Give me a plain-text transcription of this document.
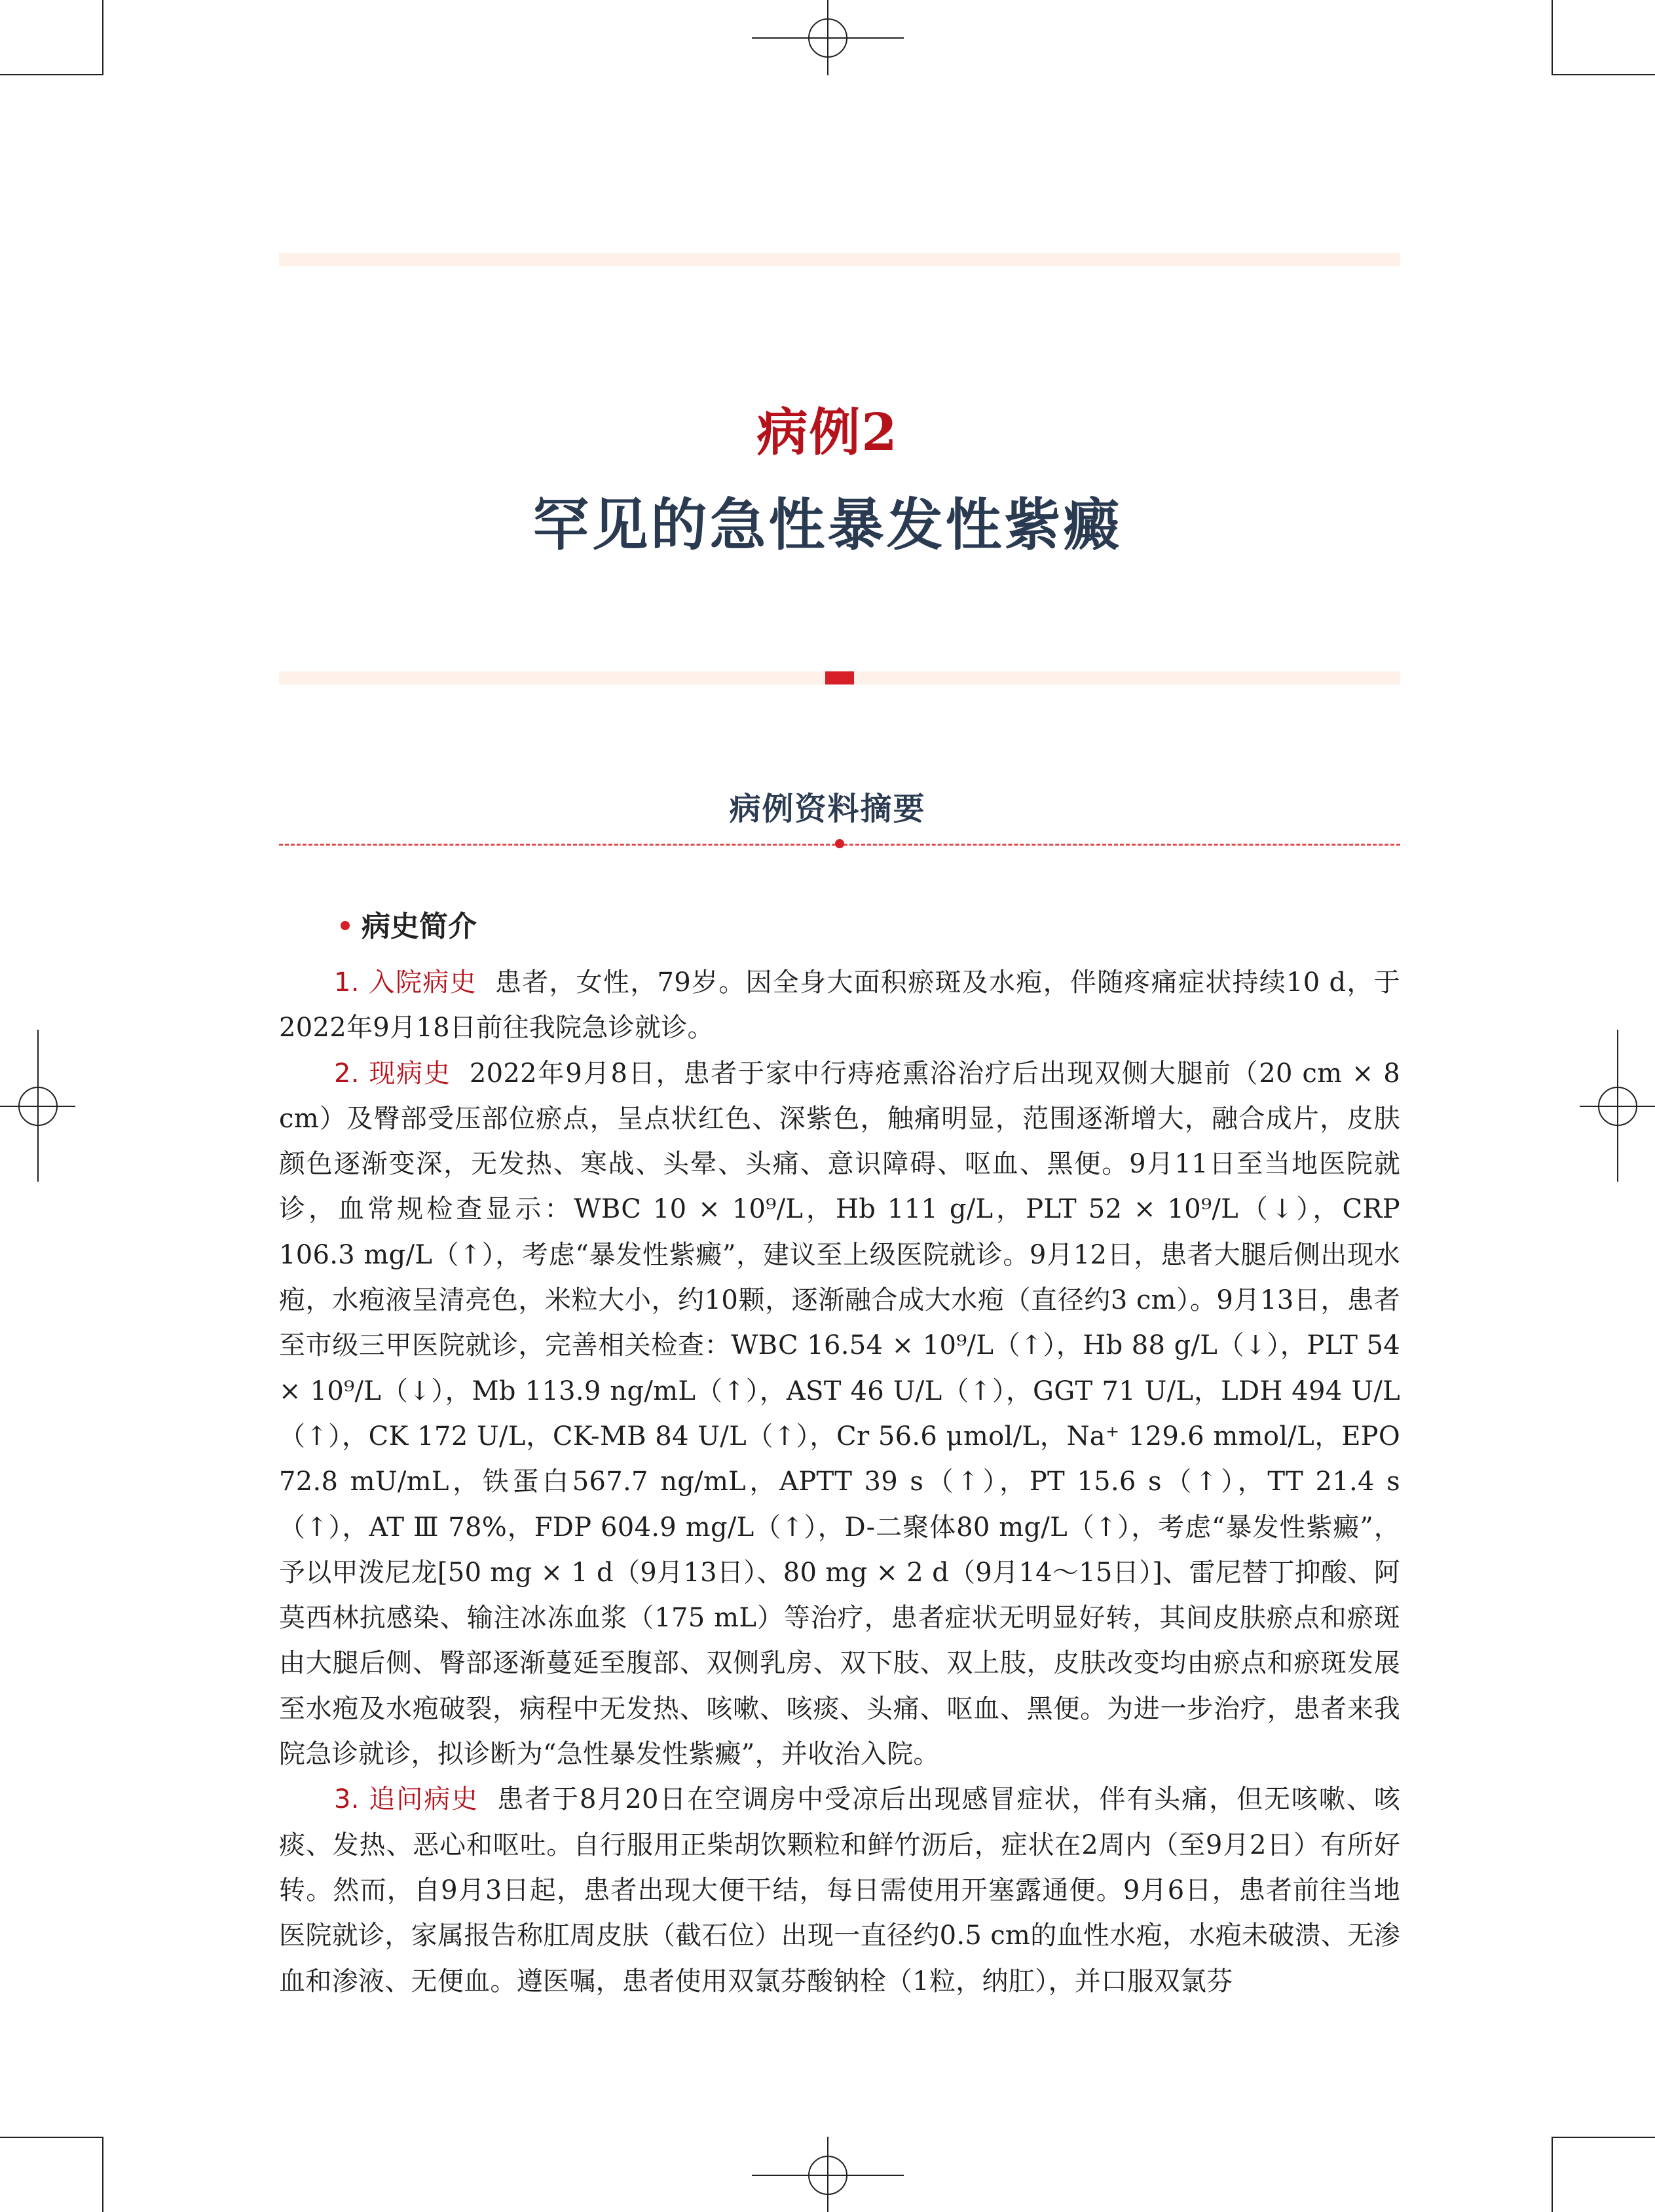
病例2
罕见的急性暴发性紫癜
病例资料摘要
病史简介

1. 入院病史 患者，女性，79岁。因全身大面积瘀斑及水疱，伴随疼痛症状持续10 d，于2022年9月18日前往我院急诊就诊。

2. 现病史 2022年9月8日，患者于家中行痔疮熏浴治疗后出现双侧大腿前（20 cm × 8 cm）及臀部受压部位瘀点，呈点状红色、深紫色，触痛明显，范围逐渐增大，融合成片，皮肤颜色逐渐变深，无发热、寒战、头晕、头痛、意识障碍、呕血、黑便。9月11日至当地医院就诊，血常规检查显示：WBC 10 × 10⁹/L，Hb 111 g/L，PLT 52 × 10⁹/L（↓），CRP 106.3 mg/L（↑），考虑“暴发性紫癜”，建议至上级医院就诊。9月12日，患者大腿后侧出现水疱，水疱液呈清亮色，米粒大小，约10颗，逐渐融合成大水疱（直径约3 cm）。9月13日，患者至市级三甲医院就诊，完善相关检查：WBC 16.54 × 10⁹/L（↑），Hb 88 g/L（↓），PLT 54 × 10⁹/L（↓），Mb 113.9 ng/mL（↑），AST 46 U/L（↑），GGT 71 U/L，LDH 494 U/L（↑），CK 172 U/L，CK-MB 84 U/L（↑），Cr 56.6 μmol/L，Na⁺ 129.6 mmol/L，EPO 72.8 mU/mL，铁蛋白567.7 ng/mL，APTT 39 s（↑），PT 15.6 s（↑），TT 21.4 s（↑），AT Ⅲ 78%，FDP 604.9 mg/L（↑），D-二聚体80 mg/L（↑），考虑“暴发性紫癜”，予以甲泼尼龙[50 mg × 1 d（9月13日）、80 mg × 2 d（9月14～15日）]、雷尼替丁抑酸、阿莫西林抗感染、输注冰冻血浆（175 mL）等治疗，患者症状无明显好转，其间皮肤瘀点和瘀斑由大腿后侧、臀部逐渐蔓延至腹部、双侧乳房、双下肢、双上肢，皮肤改变均由瘀点和瘀斑发展至水疱及水疱破裂，病程中无发热、咳嗽、咳痰、头痛、呕血、黑便。为进一步治疗，患者来我院急诊就诊，拟诊断为“急性暴发性紫癜”，并收治入院。

3. 追问病史 患者于8月20日在空调房中受凉后出现感冒症状，伴有头痛，但无咳嗽、咳痰、发热、恶心和呕吐。自行服用正柴胡饮颗粒和鲜竹沥后，症状在2周内（至9月2日）有所好转。然而，自9月3日起，患者出现大便干结，每日需使用开塞露通便。9月6日，患者前往当地医院就诊，家属报告称肛周皮肤（截石位）出现一直径约0.5 cm的血性水疱，水疱未破溃、无渗血和渗液、无便血。遵医嘱，患者使用双氯芬酸钠栓（1粒，纳肛），并口服双氯芬
